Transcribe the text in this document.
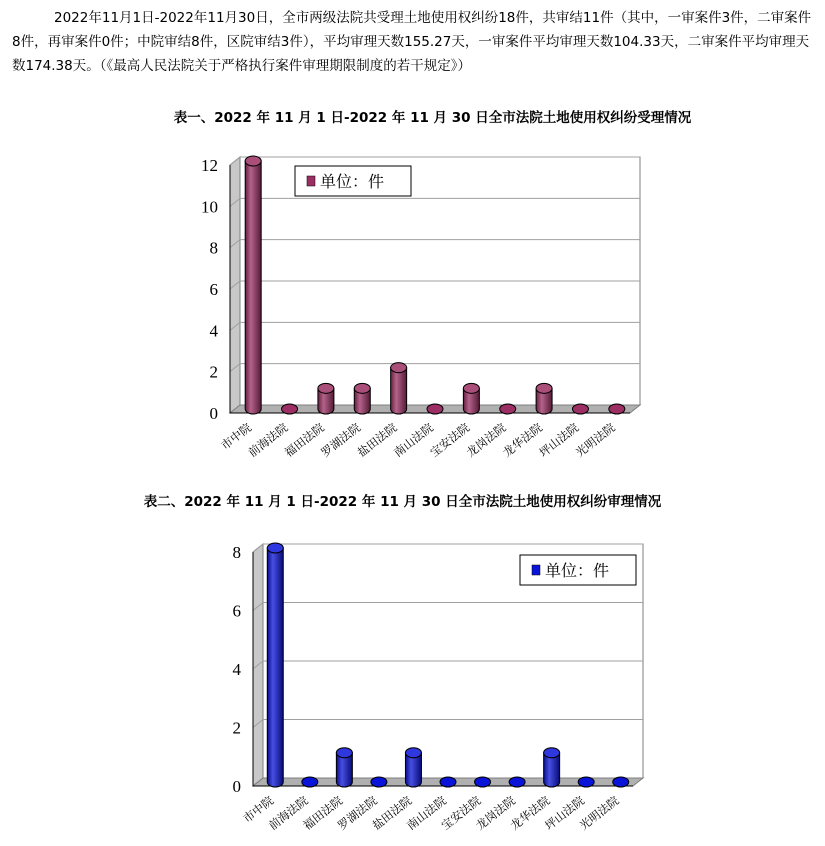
2022年11月1日-2022年11月30日，全市两级法院共受理土地使用权纠纷18件，共审结11件（其中，一审案件3件，二审案件8件，再审案件0件；中院审结8件，区院审结3件），平均审理天数155.27天，一审案件平均审理天数104.33天，二审案件平均审理天数174.38天。（《最高人民法院关于严格执行案件审理期限制度的若干规定》）

表一、2022 年 11 月 1 日-2022 年 11 月 30 日全市法院土地使用权纠纷受理情况

0
2
4
6
8
10
12
市中院
前海法院
福田法院
罗湖法院
盐田法院
南山法院
宝安法院
龙岗法院
龙华法院
坪山法院
光明法院
单位：件

表二、2022 年 11 月 1 日-2022 年 11 月 30 日全市法院土地使用权纠纷审理情况

0
2
4
6
8
市中院
前海法院
福田法院
罗湖法院
盐田法院
南山法院
宝安法院
龙岗法院
龙华法院
坪山法院
光明法院
单位：件
